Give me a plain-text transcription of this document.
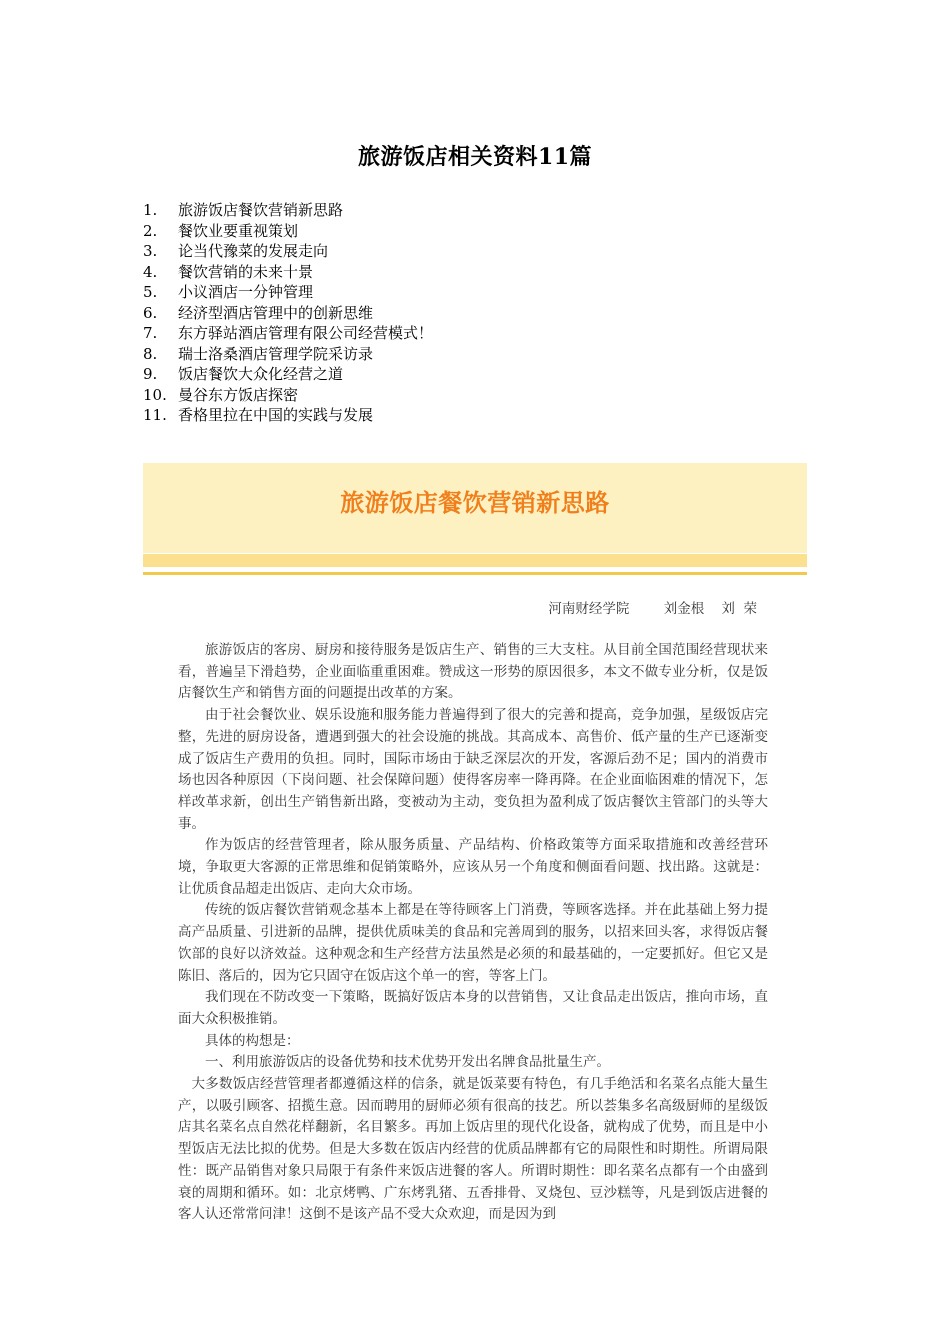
旅游饭店相关资料11篇
1. 旅游饭店餐饮营销新思路
2. 餐饮业要重视策划
3. 论当代豫菜的发展走向
4. 餐饮营销的未来十景
5. 小议酒店一分钟管理
6. 经济型酒店管理中的创新思维
7. 东方驿站酒店管理有限公司经营模式！
8. 瑞士洛桑酒店管理学院采访录
9. 饭店餐饮大众化经营之道
10. 曼谷东方饭店探密
11. 香格里拉在中国的实践与发展
旅游饭店餐饮营销新思路
河南财经学院        刘金根    刘  荣

旅游饭店的客房、厨房和接待服务是饭店生产、销售的三大支柱。从目前全国范围经营现状来看，普遍呈下滑趋势，企业面临重重困难。赞成这一形势的原因很多，本文不做专业分析，仅是饭店餐饮生产和销售方面的问题提出改革的方案。

由于社会餐饮业、娱乐设施和服务能力普遍得到了很大的完善和提高，竞争加强，星级饭店完整，先进的厨房设备，遭遇到强大的社会设施的挑战。其高成本、高售价、低产量的生产已逐渐变成了饭店生产费用的负担。同时，国际市场由于缺乏深层次的开发，客源后劲不足；国内的消费市场也因各种原因（下岗问题、社会保障问题）使得客房率一降再降。在企业面临困难的情况下，怎样改革求新，创出生产销售新出路，变被动为主动，变负担为盈利成了饭店餐饮主管部门的头等大事。

作为饭店的经营管理者，除从服务质量、产品结构、价格政策等方面采取措施和改善经营环境，争取更大客源的正常思维和促销策略外，应该从另一个角度和侧面看问题、找出路。这就是：让优质食品超走出饭店、走向大众市场。

传统的饭店餐饮营销观念基本上都是在等待顾客上门消费，等顾客选择。并在此基础上努力提高产品质量、引进新的品牌，提供优质味美的食品和完善周到的服务，以招来回头客，求得饭店餐饮部的良好以济效益。这种观念和生产经营方法虽然是必须的和最基础的，一定要抓好。但它又是陈旧、落后的，因为它只固守在饭店这个单一的窖，等客上门。

我们现在不防改变一下策略，既搞好饭店本身的以营销售，又让食品走出饭店，推向市场，直面大众积极推销。

具体的构想是：

一、利用旅游饭店的设备优势和技术优势开发出名牌食品批量生产。

大多数饭店经营管理者都遵循这样的信条，就是饭菜要有特色，有几手绝活和名菜名点能大量生产，以吸引顾客、招揽生意。因而聘用的厨师必须有很高的技艺。所以荟集多名高级厨师的星级饭店其名菜名点自然花样翻新，名目繁多。再加上饭店里的现代化设备，就构成了优势，而且是中小型饭店无法比拟的优势。但是大多数在饭店内经营的优质品牌都有它的局限性和时期性。所谓局限性：既产品销售对象只局限于有条件来饭店进餐的客人。所谓时期性：即名菜名点都有一个由盛到衰的周期和循环。如：北京烤鸭、广东烤乳猪、五香排骨、叉烧包、豆沙糕等，凡是到饭店进餐的客人认还常常问津！这倒不是该产品不受大众欢迎，而是因为到
